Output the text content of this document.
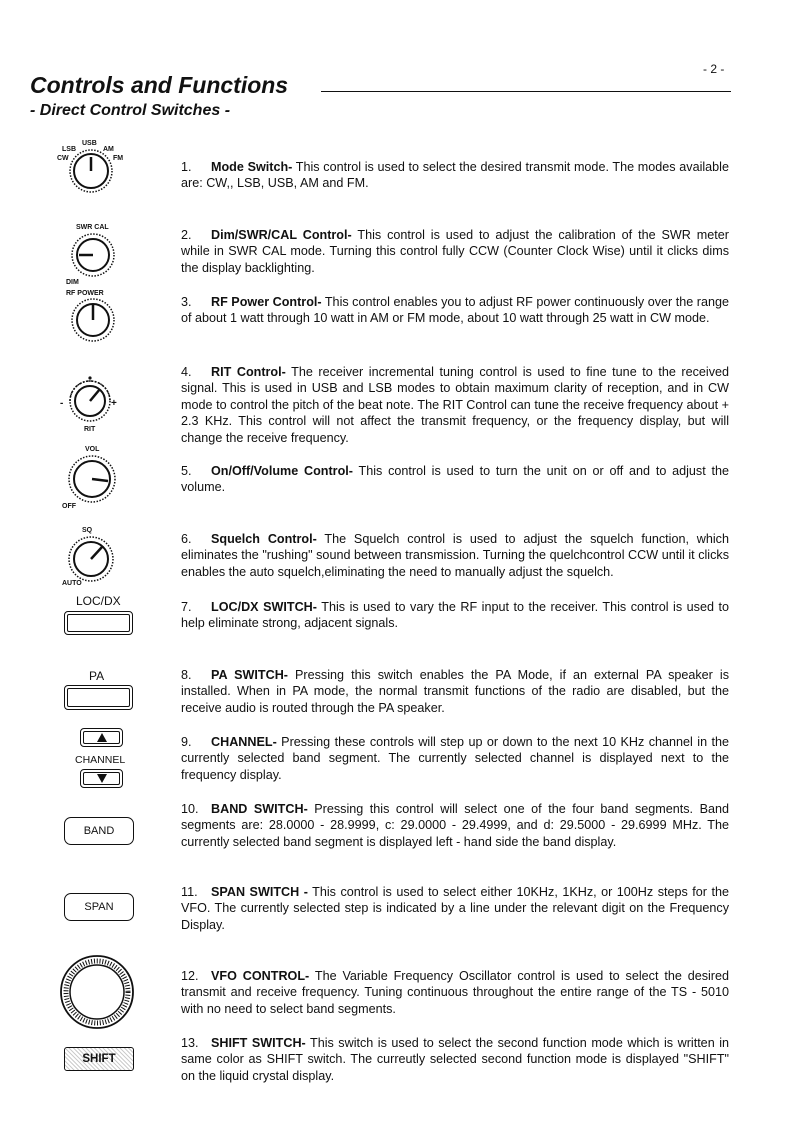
- 2 -
Controls and Functions
- Direct Control Switches -
USB
LSB	AM
CW	FM
SWR CAL
DIM
RF POWER
-	+
RIT
VOL
OFF
SQ
AUTO
LOC/DX
PA
CHANNEL
BAND
SPAN
SHIFT

1. Mode Switch- This control is used to select the desired transmit mode. The modes available are: CW,, LSB, USB, AM and FM.

2. Dim/SWR/CAL Control- This control is used to adjust the calibration of the SWR meter while in SWR CAL mode. Turning this control fully CCW (Counter Clock Wise) until it clicks dims the display backlighting.

3. RF Power Control- This control enables you to adjust RF power continuously over the range of about 1 watt through 10 watt in AM or FM mode, about 10 watt through 25 watt in CW mode.

4. RIT Control- The receiver incremental tuning control is used to fine tune to the received signal. This is used in USB and LSB modes to obtain maximum clarity of reception, and in CW mode to control the pitch of the beat note. The RIT Control can tune the receive frequency about + 2.3 KHz. This control will not affect the transmit frequency, or the frequency display, but will change the receive frequency.

5. On/Off/Volume Control- This control is used to turn the unit on or off and to adjust the volume.

6. Squelch Control- The Squelch control is used to adjust the squelch function, which eliminates the "rushing" sound between transmission. Turning the quelchcontrol CCW until it clicks enables the auto squelch,eliminating the need to manually adjust the squelch.

7. LOC/DX SWITCH- This is used to vary the RF input to the receiver. This control is used to help eliminate strong, adjacent signals.

8. PA SWITCH- Pressing this switch enables the PA Mode, if an external PA speaker is installed. When in PA mode, the normal transmit functions of the radio are disabled, but the receive audio is routed through the PA speaker.

9. CHANNEL- Pressing these controls will step up or down to the next 10 KHz channel in the currently selected band segment. The currently selected channel is displayed next to the frequency display.

10. BAND SWITCH- Pressing this control will select one of the four band segments. Band segments are: 28.0000 - 28.9999, c: 29.0000 - 29.4999, and d: 29.5000 - 29.6999 MHz. The currently selected band segment is displayed left - hand side the band display.

11. SPAN SWITCH - This control is used to select either 10KHz, 1KHz, or 100Hz steps for the VFO. The currently selected step is indicated by a line under the relevant digit on the Frequency Display.

12. VFO CONTROL- The Variable Frequency Oscillator control is used to select the desired transmit and receive frequency. Tuning continuous throughout the entire range of the TS - 5010 with no need to select band segments.

13. SHIFT SWITCH- This switch is used to select the second function mode which is written in same color as SHIFT switch. The curreutly selected second function mode is displayed "SHIFT" on the liquid crystal display.
